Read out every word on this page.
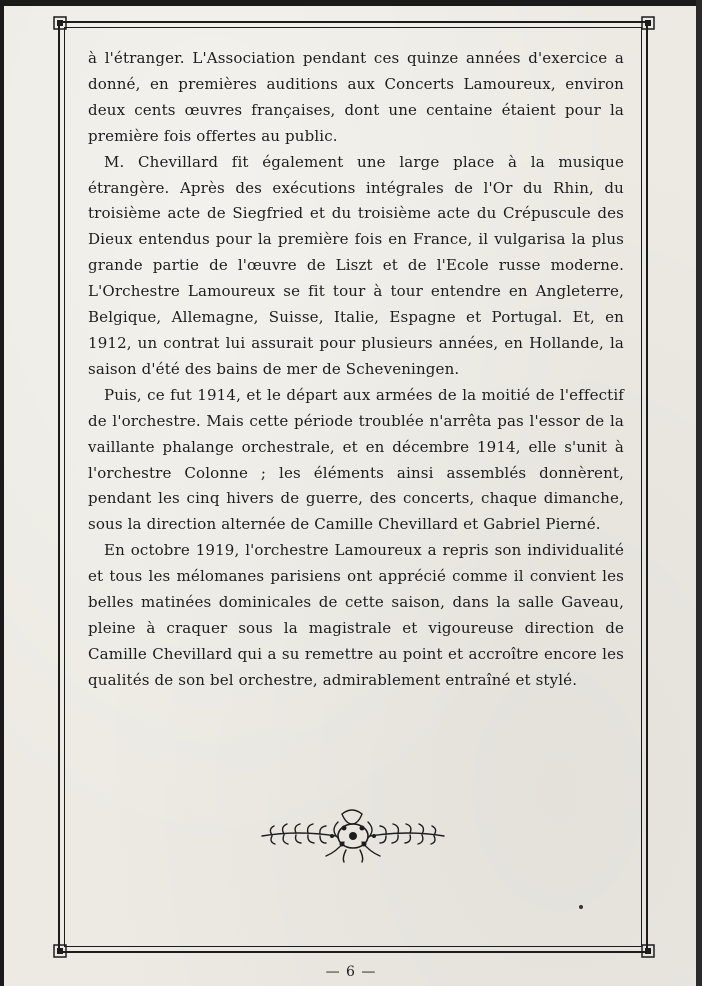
à l'étranger. L'Association pendant ces quinze années d'exercice a donné, en premières auditions aux Concerts Lamoureux, environ deux cents œuvres françaises, dont une centaine étaient pour la première fois offertes au public.

M. Chevillard fit également une large place à la musique étrangère. Après des exécutions intégrales de l'Or du Rhin, du troisième acte de Siegfried et du troisième acte du Crépuscule des Dieux entendus pour la première fois en France, il vulgarisa la plus grande partie de l'œuvre de Liszt et de l'Ecole russe moderne. L'Orchestre Lamoureux se fit tour à tour entendre en Angleterre, Belgique, Allemagne, Suisse, Italie, Espagne et Portugal. Et, en 1912, un contrat lui assurait pour plusieurs années, en Hollande, la saison d'été des bains de mer de Scheveningen.

Puis, ce fut 1914, et le départ aux armées de la moitié de l'effectif de l'orchestre. Mais cette période troublée n'arrêta pas l'essor de la vaillante phalange orchestrale, et en décembre 1914, elle s'unit à l'orchestre Colonne ; les éléments ainsi assemblés donnèrent, pendant les cinq hivers de guerre, des concerts, chaque dimanche, sous la direction alternée de Camille Chevillard et Gabriel Pierné.

En octobre 1919, l'orchestre Lamoureux a repris son individualité et tous les mélomanes parisiens ont apprécié comme il convient les belles matinées dominicales de cette saison, dans la salle Gaveau, pleine à craquer sous la magistrale et vigoureuse direction de Camille Chevillard qui a su remettre au point et accroître encore les qualités de son bel orchestre, admirablement entraîné et stylé.

— 6 —
